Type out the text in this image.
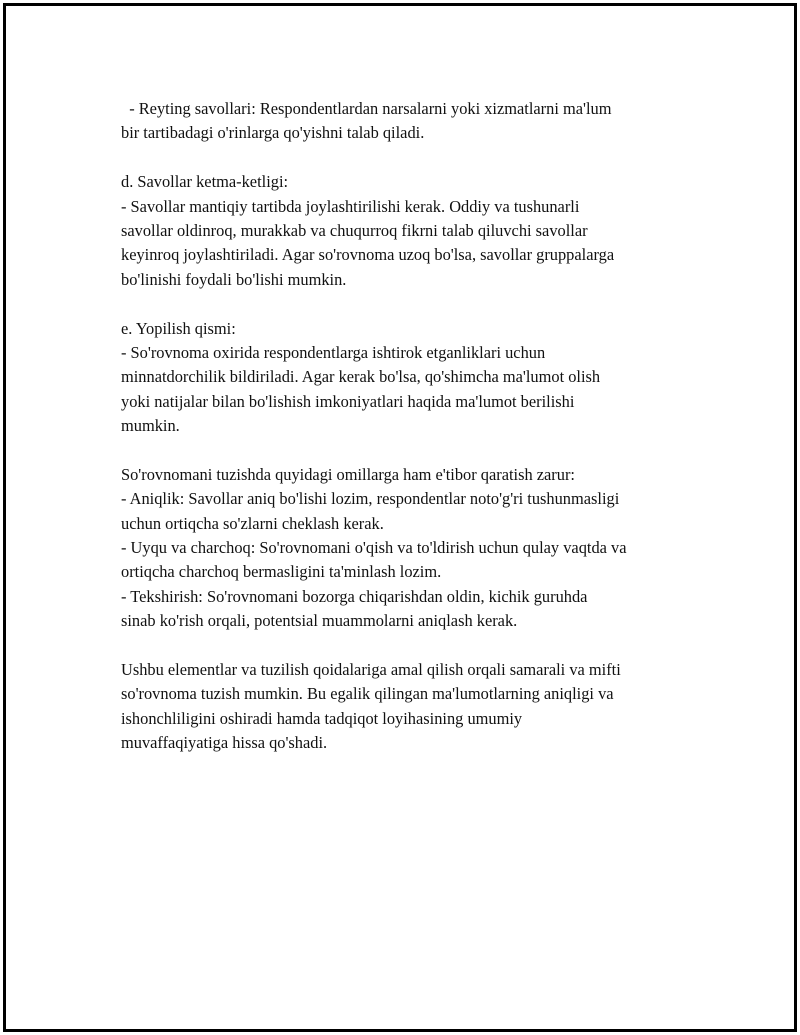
- Reyting savollari: Respondentlardan narsalarni yoki xizmatlarni ma'lum
bir tartibadagi o'rinlarga qo'yishni talab qiladi.
d. Savollar ketma-ketligi:
- Savollar mantiqiy tartibda joylashtirilishi kerak. Oddiy va tushunarli
savollar oldinroq, murakkab va chuqurroq fikrni talab qiluvchi savollar
keyinroq joylashtiriladi. Agar so'rovnoma uzoq bo'lsa, savollar gruppalarga
bo'linishi foydali bo'lishi mumkin.
e. Yopilish qismi:
- So'rovnoma oxirida respondentlarga ishtirok etganliklari uchun
minnatdorchilik bildiriladi. Agar kerak bo'lsa, qo'shimcha ma'lumot olish
yoki natijalar bilan bo'lishish imkoniyatlari haqida ma'lumot berilishi
mumkin.
So'rovnomani tuzishda quyidagi omillarga ham e'tibor qaratish zarur:
- Aniqlik: Savollar aniq bo'lishi lozim, respondentlar noto'g'ri tushunmasligi
uchun ortiqcha so'zlarni cheklash kerak.
- Uyqu va charchoq: So'rovnomani o'qish va to'ldirish uchun qulay vaqtda va
ortiqcha charchoq bermasligini ta'minlash lozim.
- Tekshirish: So'rovnomani bozorga chiqarishdan oldin, kichik guruhda
sinab ko'rish orqali, potentsial muammolarni aniqlash kerak.
Ushbu elementlar va tuzilish qoidalariga amal qilish orqali samarali va mifti
so'rovnoma tuzish mumkin. Bu egalik qilingan ma'lumotlarning aniqligi va
ishonchliligini oshiradi hamda tadqiqot loyihasining umumiy
muvaffaqiyatiga hissa qo'shadi.
